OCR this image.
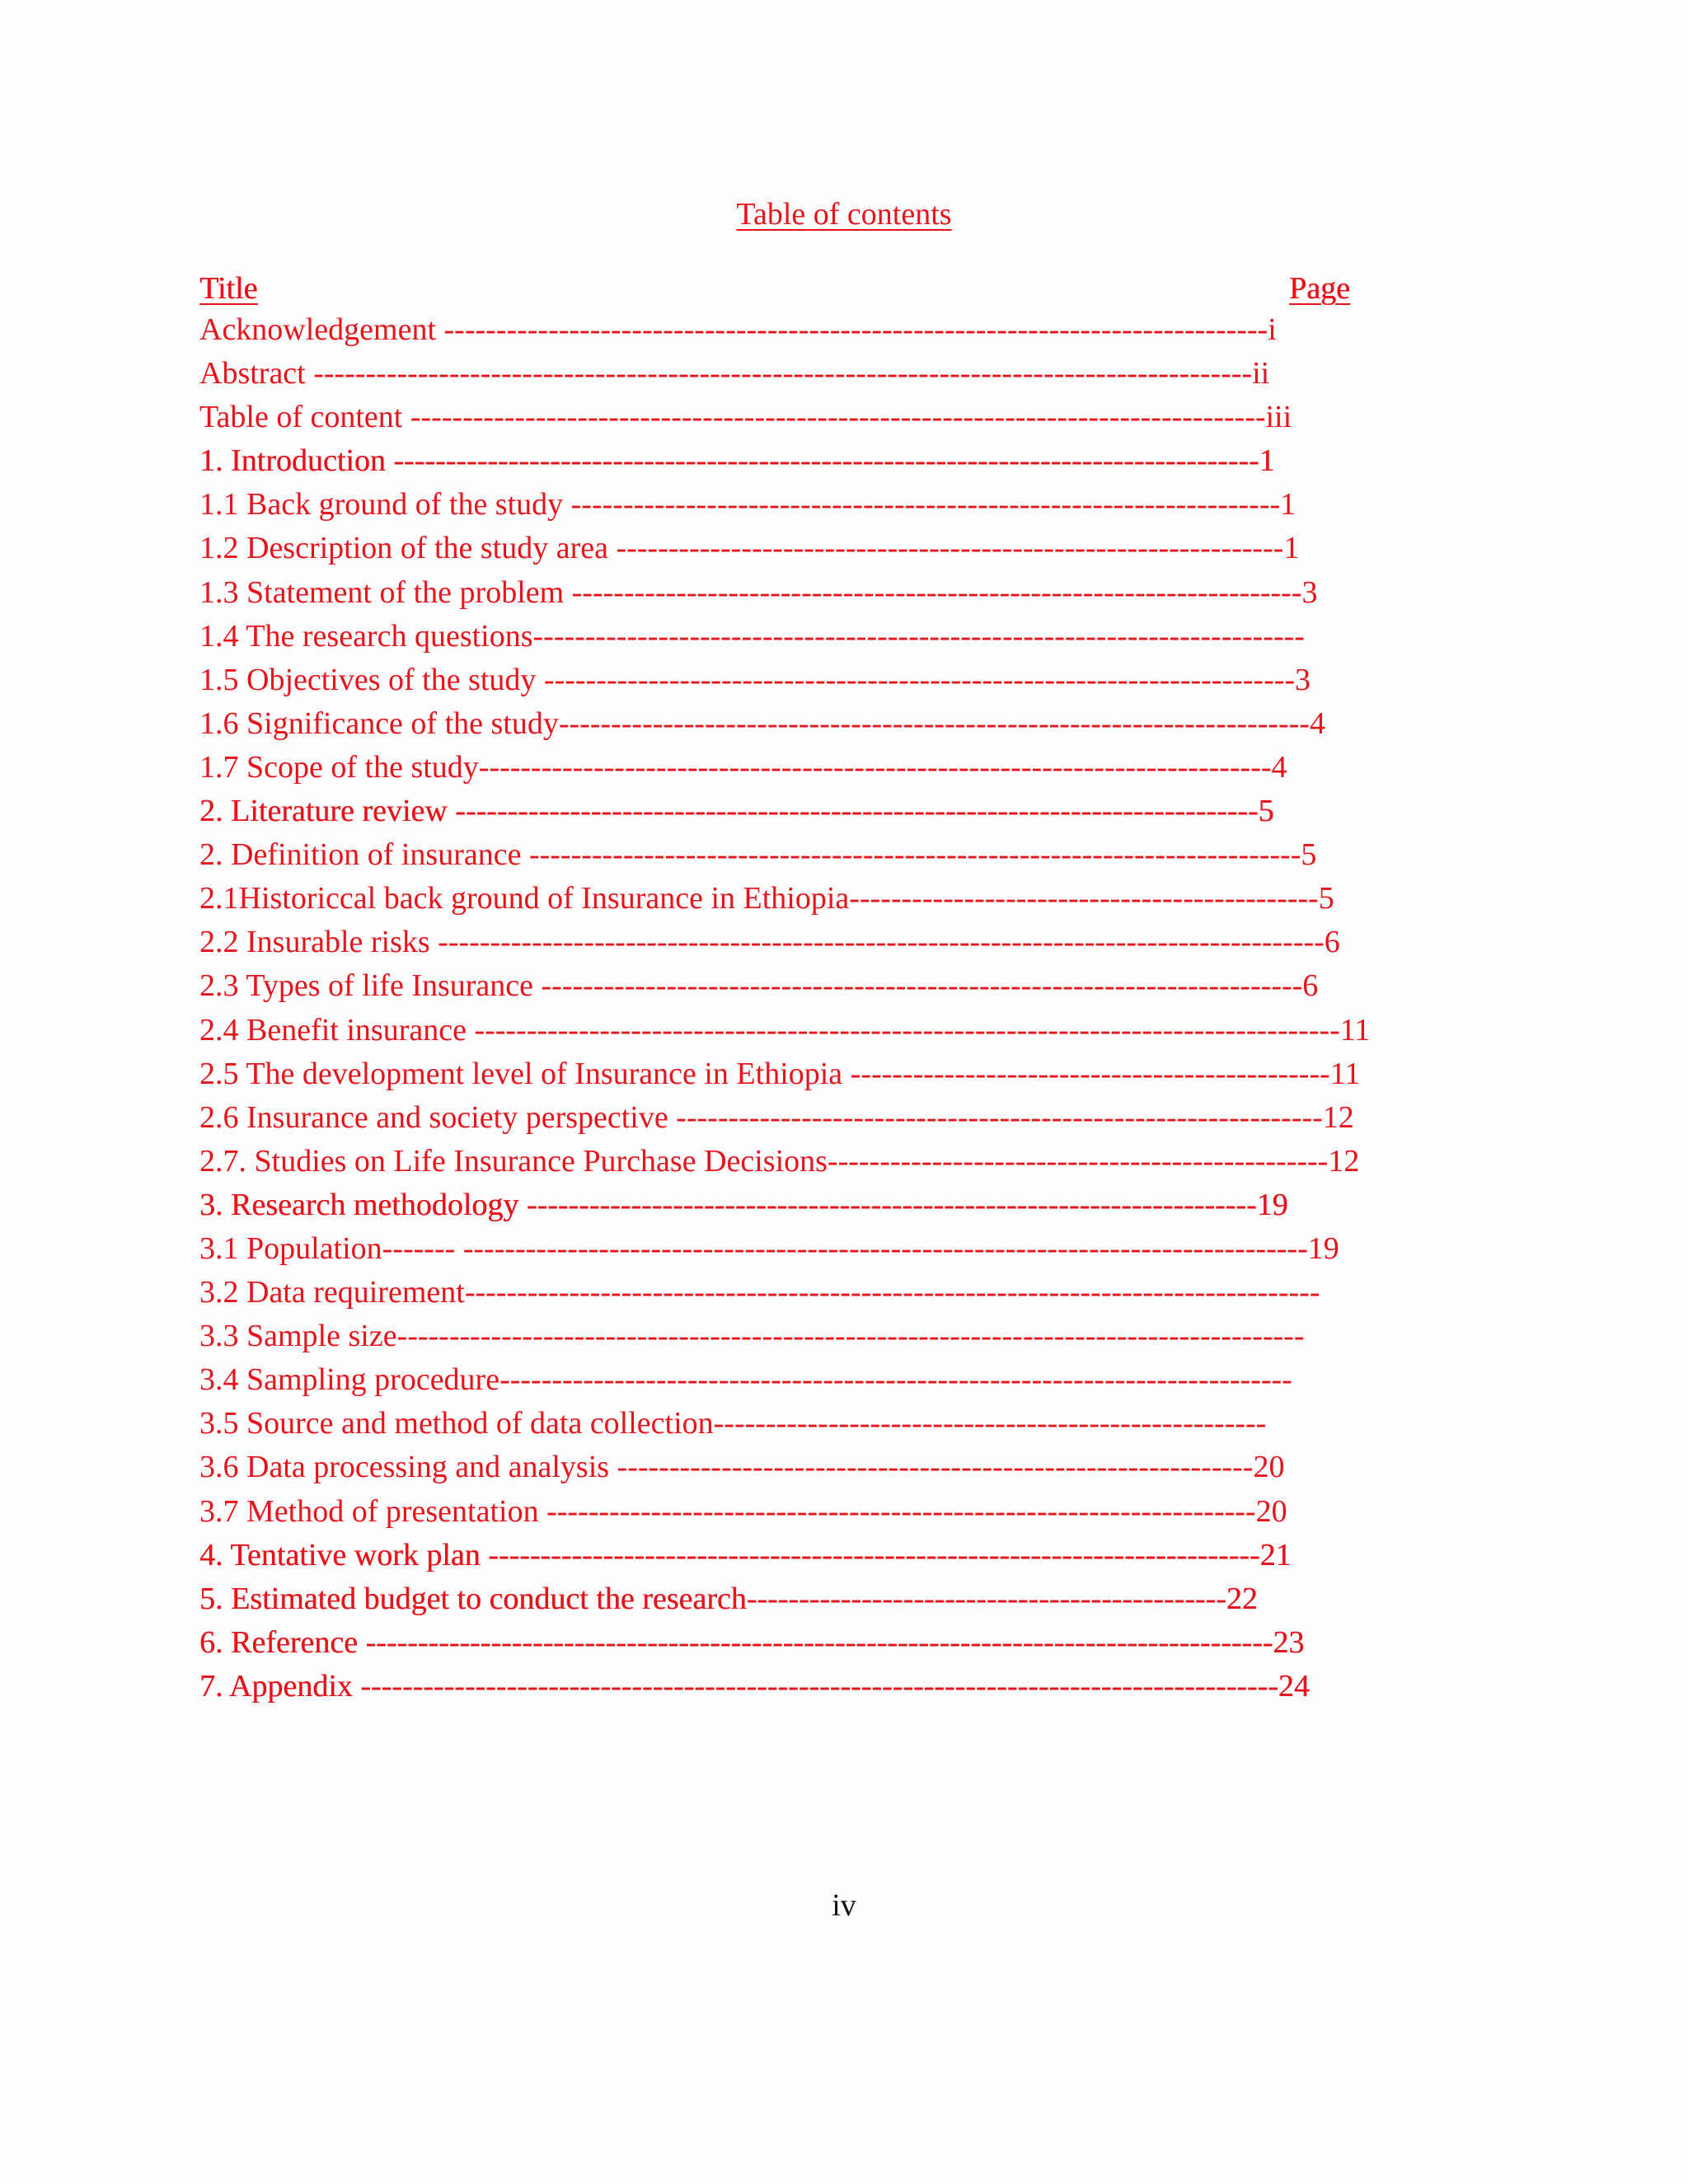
Table of contents
Title	Page
Acknowledgement -------------------------------------------------------------------------------i
Abstract ------------------------------------------------------------------------------------------ii
Table of content ----------------------------------------------------------------------------------iii
1. Introduction -----------------------------------------------------------------------------------1
1.1 Back ground of the study --------------------------------------------------------------------1
1.2 Description of the study area ----------------------------------------------------------------1
1.3 Statement of the problem ----------------------------------------------------------------------3
1.4 The research questions--------------------------------------------------------------------------
1.5 Objectives of the study ------------------------------------------------------------------------3
1.6 Significance of the study------------------------------------------------------------------------4
1.7 Scope of the study----------------------------------------------------------------------------4
2. Literature review -----------------------------------------------------------------------------5
2. Definition of insurance --------------------------------------------------------------------------5
2.1Historiccal back ground of Insurance in Ethiopia---------------------------------------------5
2.2 Insurable risks -------------------------------------------------------------------------------------6
2.3 Types of life Insurance -------------------------------------------------------------------------6
2.4 Benefit insurance -----------------------------------------------------------------------------------11
2.5 The development level of Insurance in Ethiopia ----------------------------------------------11
2.6 Insurance and society perspective --------------------------------------------------------------12
2.7. Studies on Life Insurance Purchase Decisions------------------------------------------------12
3. Research methodology ----------------------------------------------------------------------19
3.1 Population------- ---------------------------------------------------------------------------------19
3.2 Data requirement----------------------------------------------------------------------------------
3.3 Sample size---------------------------------------------------------------------------------------
3.4 Sampling procedure----------------------------------------------------------------------------
3.5 Source and method of data collection-----------------------------------------------------
3.6 Data processing and analysis -------------------------------------------------------------20
3.7 Method of presentation --------------------------------------------------------------------20
4. Tentative work plan --------------------------------------------------------------------------21
5. Estimated budget to conduct the research----------------------------------------------22
6. Reference ---------------------------------------------------------------------------------------23
7. Appendix ----------------------------------------------------------------------------------------24
iv
